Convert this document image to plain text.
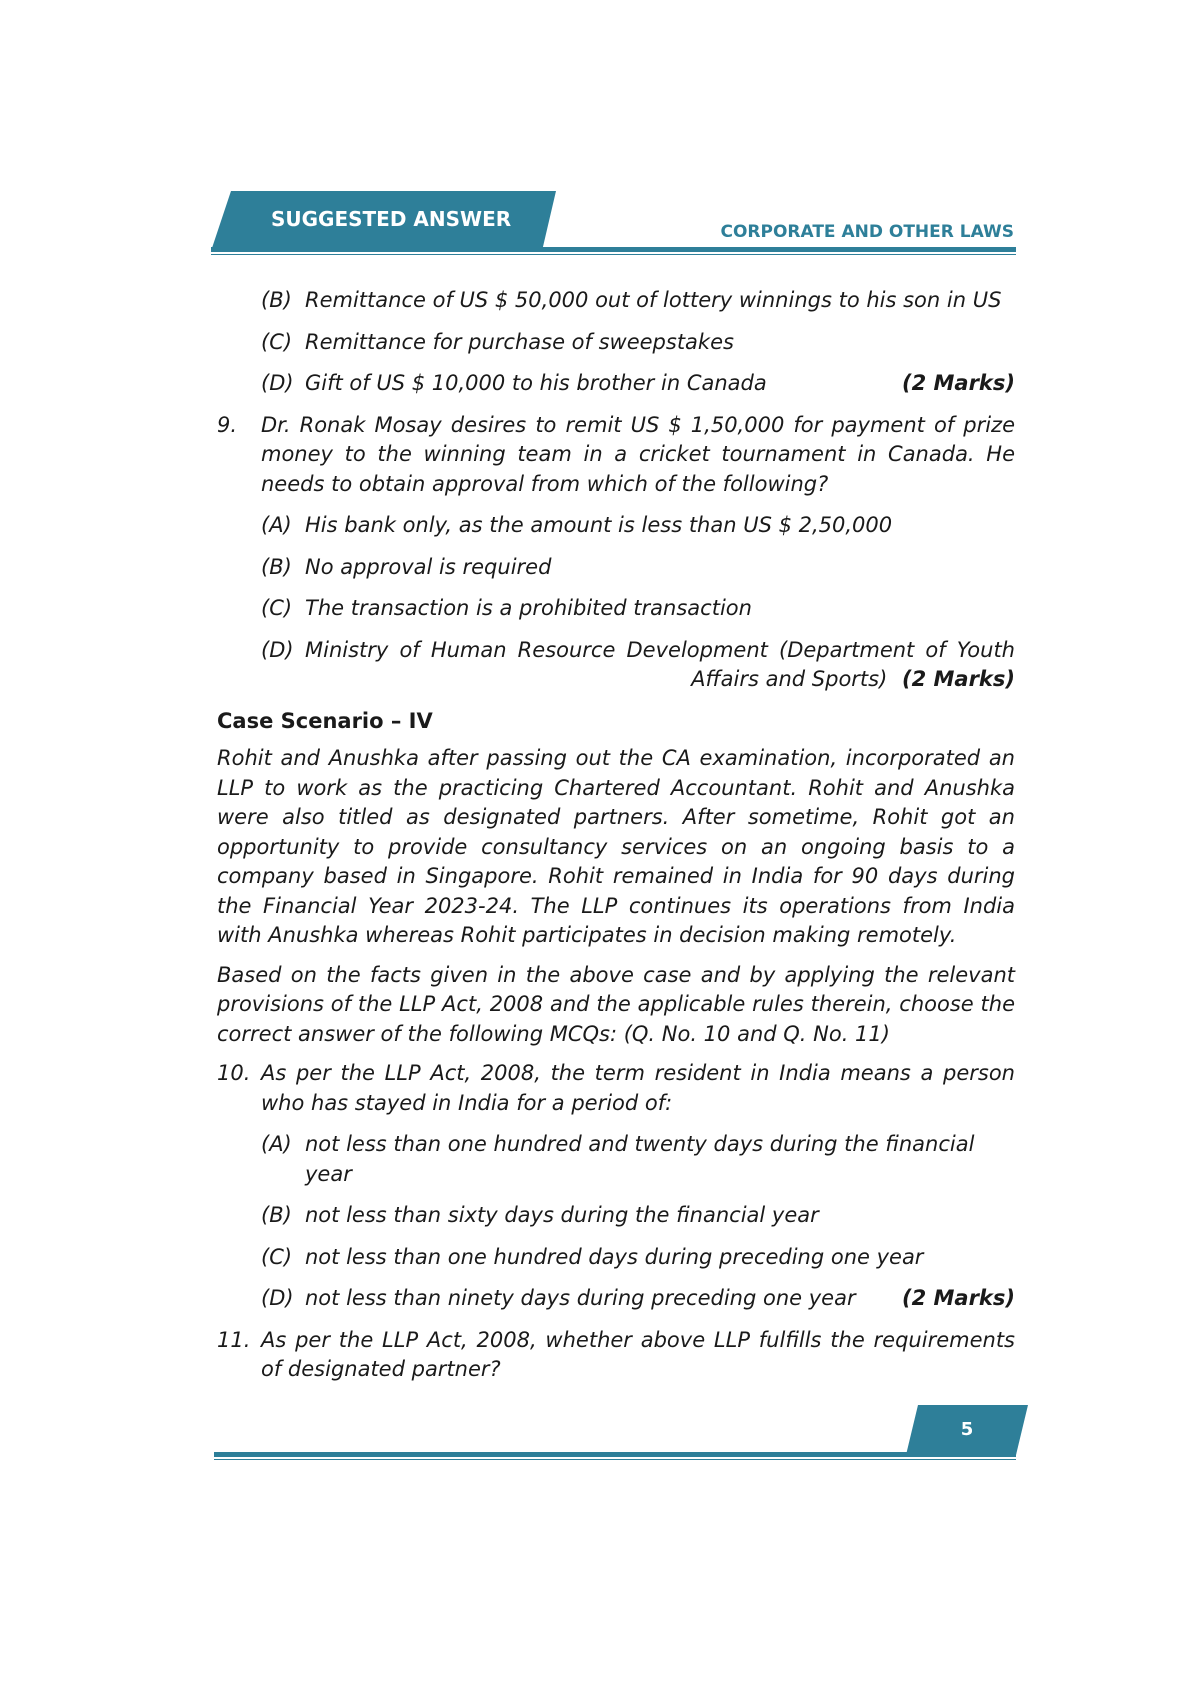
SUGGESTED ANSWER
CORPORATE AND OTHER LAWS
(B) Remittance of US $ 50,000 out of lottery winnings to his son in US
(C) Remittance for purchase of sweepstakes
(D)	(2 Marks)
Gift of US $ 10,000 to his brother in Canada
9.	Dr. Ronak Mosay desires to remit US $ 1,50,000 for payment of prize money to the winning team in a cricket tournament in Canada. He needs to obtain approval from which of the following?
(A) His bank only, as the amount is less than US $ 2,50,000
(B) No approval is required
(C) The transaction is a prohibited transaction
(D) Ministry of Human Resource Development (Department of Youth Affairs and Sports) (2 Marks)
Case Scenario – IV
Rohit and Anushka after passing out the CA examination, incorporated an LLP to work as the practicing Chartered Accountant. Rohit and Anushka were also titled as designated partners. After sometime, Rohit got an opportunity to provide consultancy services on an ongoing basis to a company based in Singapore. Rohit remained in India for 90 days during the Financial Year 2023-24. The LLP continues its operations from India with Anushka whereas Rohit participates in decision making remotely.
Based on the facts given in the above case and by applying the relevant provisions of the LLP Act, 2008 and the applicable rules therein, choose the correct answer of the following MCQs: (Q. No. 10 and Q. No. 11)
10. As per the LLP Act, 2008, the term resident in India means a person who has stayed in India for a period of:
(A) not less than one hundred and twenty days during the financial year
(B) not less than sixty days during the financial year
(C) not less than one hundred days during preceding one year
(D)	(2 Marks)
not less than ninety days during preceding one year
11. As per the LLP Act, 2008, whether above LLP fulfills the requirements of designated partner?
5
